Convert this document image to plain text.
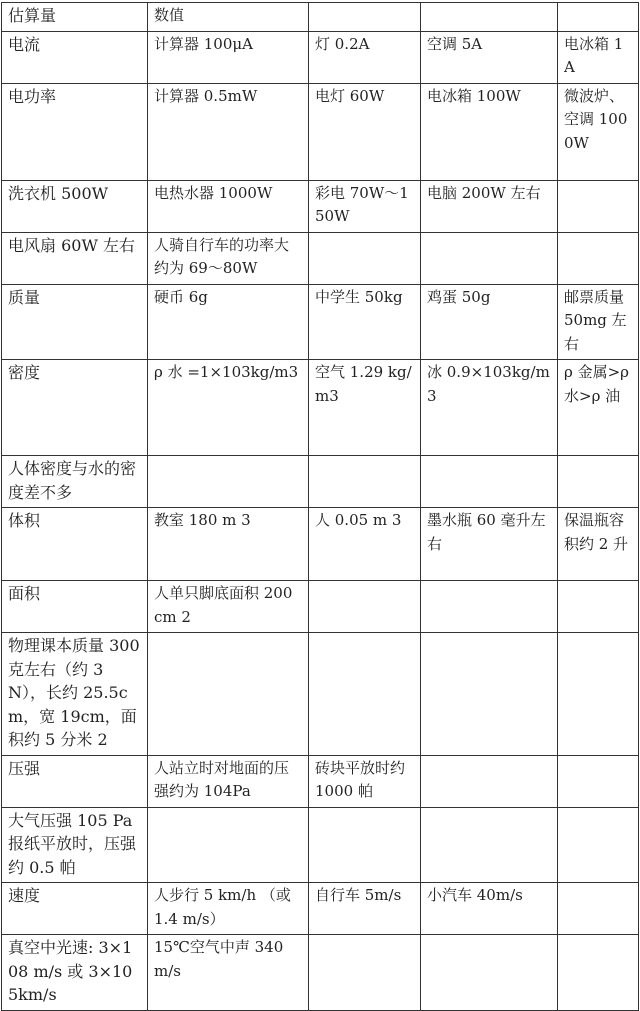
估算量	数值			
电流	计算器 100μA	灯 0.2A	空调 5A	电冰箱 1A
电功率	计算器 0.5mW	电灯 60W	电冰箱 100W	微波炉、空调 1000W
洗衣机 500W	电热水器 1000W	彩电 70W～150W	电脑 200W 左右	
电风扇 60W 左右	人骑自行车的功率大约为 69～80W			
质量	硬币 6g	中学生 50kg	鸡蛋 50g	邮票质量 50mg 左右
密度	ρ 水 =1×103kg/m3	空气 1.29 kg/m3	冰 0.9×103kg/m3	ρ 金属>ρ 水>ρ 油
人体密度与水的密度差不多				
体积	教室 180 m 3	人 0.05 m 3	墨水瓶 60 毫升左右	保温瓶容积约 2 升
面积	人单只脚底面积 200 cm 2			
物理课本质量 300 克左右（约 3N），长约 25.5cm，宽 19cm，面积约 5 分米 2				
压强	人站立时对地面的压强约为 104Pa	砖块平放时约 1000 帕		
大气压强 105 Pa 报纸平放时，压强约 0.5 帕				
速度	人步行 5 km/h （或 1.4 m/s）	自行车 5m/s	小汽车 40m/s	
真空中光速: 3×108 m/s 或 3×105km/s	15℃空气中声 340m/s			
